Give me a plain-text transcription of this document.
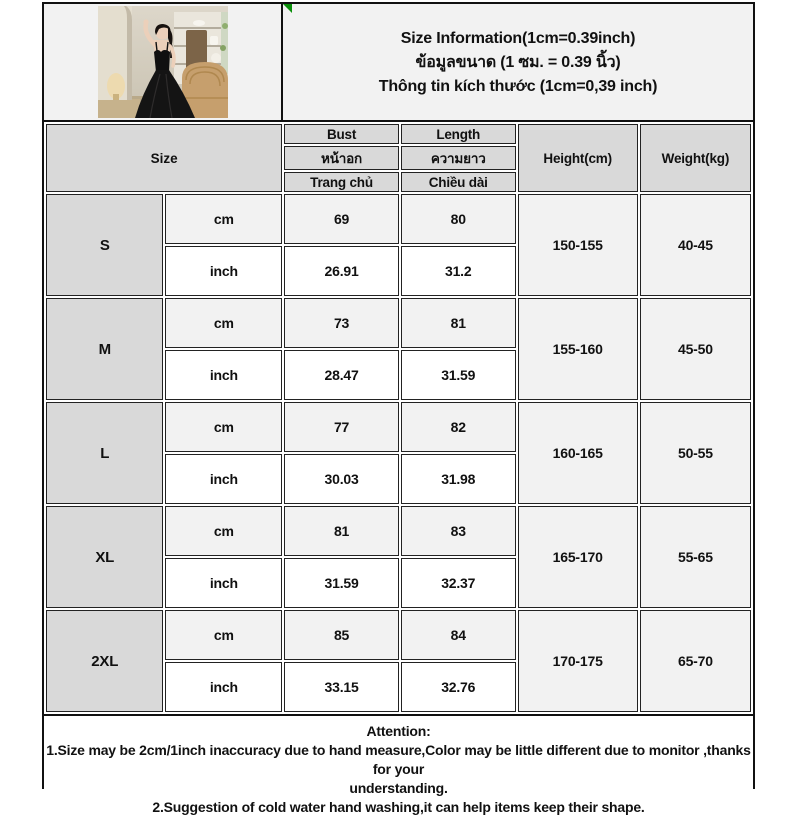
Size Information(1cm=0.39inch)
ข้อมูลขนาด (1 ซม. = 0.39 นิ้ว)
Thông tin kích thước (1cm=0,39 inch)
Size		Bust	Length	Height(cm)	Weight(kg)
		หน้าอก	ความยาว		
		Trang chủ	Chiều dài		
S	cm	69	80	150-155	40-45
	inch	26.91	31.2		
M	cm	73	81	155-160	45-50
	inch	28.47	31.59		
L	cm	77	82	160-165	50-55
	inch	30.03	31.98		
XL	cm	81	83	165-170	55-65
	inch	31.59	32.37		
2XL	cm	85	84	170-175	65-70
	inch	33.15	32.76		
Attention:
1.Size may be 2cm/1inch inaccuracy due to hand measure,Color may be little different due to monitor ,thanks for your
understanding.
2.Suggestion of cold water hand washing,it can help items keep their shape.
